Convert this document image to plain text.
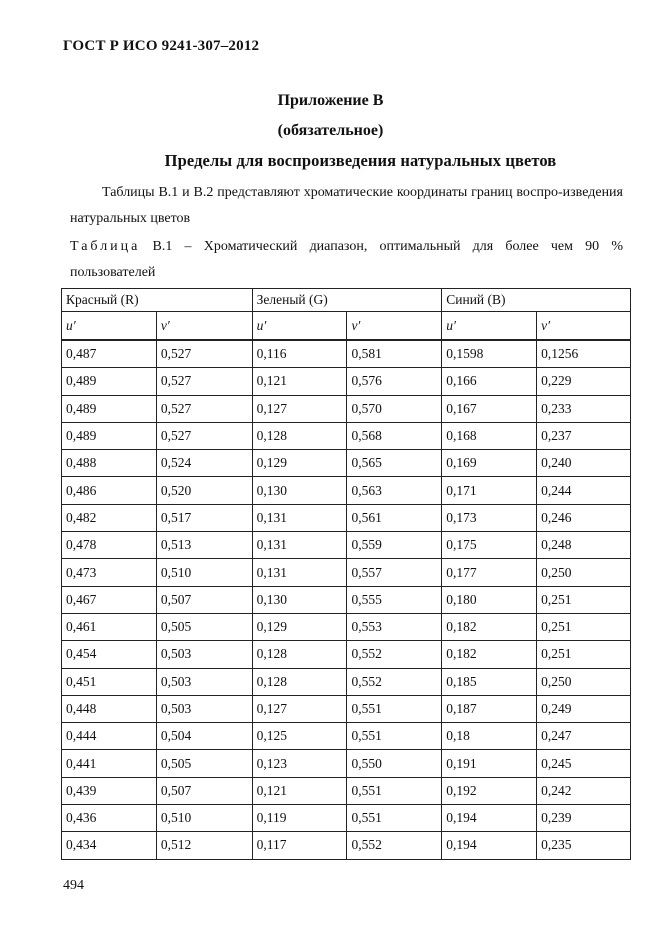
ГОСТ Р ИСО 9241-307–2012
Приложение B
(обязательное)
Пределы для воспроизведения натуральных цветов
Таблицы B.1 и B.2 представляют хроматические координаты границ воспро-изведения натуральных цветов
Таблица B.1 – Хроматический диапазон, оптимальный для более чем 90 % пользователей
Красный (R)		Зеленый (G)		Синий (B)	
u′	v′	u′	v′	u′	v′
0,487	0,527	0,116	0,581	0,1598	0,1256
0,489	0,527	0,121	0,576	0,166	0,229
0,489	0,527	0,127	0,570	0,167	0,233
0,489	0,527	0,128	0,568	0,168	0,237
0,488	0,524	0,129	0,565	0,169	0,240
0,486	0,520	0,130	0,563	0,171	0,244
0,482	0,517	0,131	0,561	0,173	0,246
0,478	0,513	0,131	0,559	0,175	0,248
0,473	0,510	0,131	0,557	0,177	0,250
0,467	0,507	0,130	0,555	0,180	0,251
0,461	0,505	0,129	0,553	0,182	0,251
0,454	0,503	0,128	0,552	0,182	0,251
0,451	0,503	0,128	0,552	0,185	0,250
0,448	0,503	0,127	0,551	0,187	0,249
0,444	0,504	0,125	0,551	0,18	0,247
0,441	0,505	0,123	0,550	0,191	0,245
0,439	0,507	0,121	0,551	0,192	0,242
0,436	0,510	0,119	0,551	0,194	0,239
0,434	0,512	0,117	0,552	0,194	0,235
494
